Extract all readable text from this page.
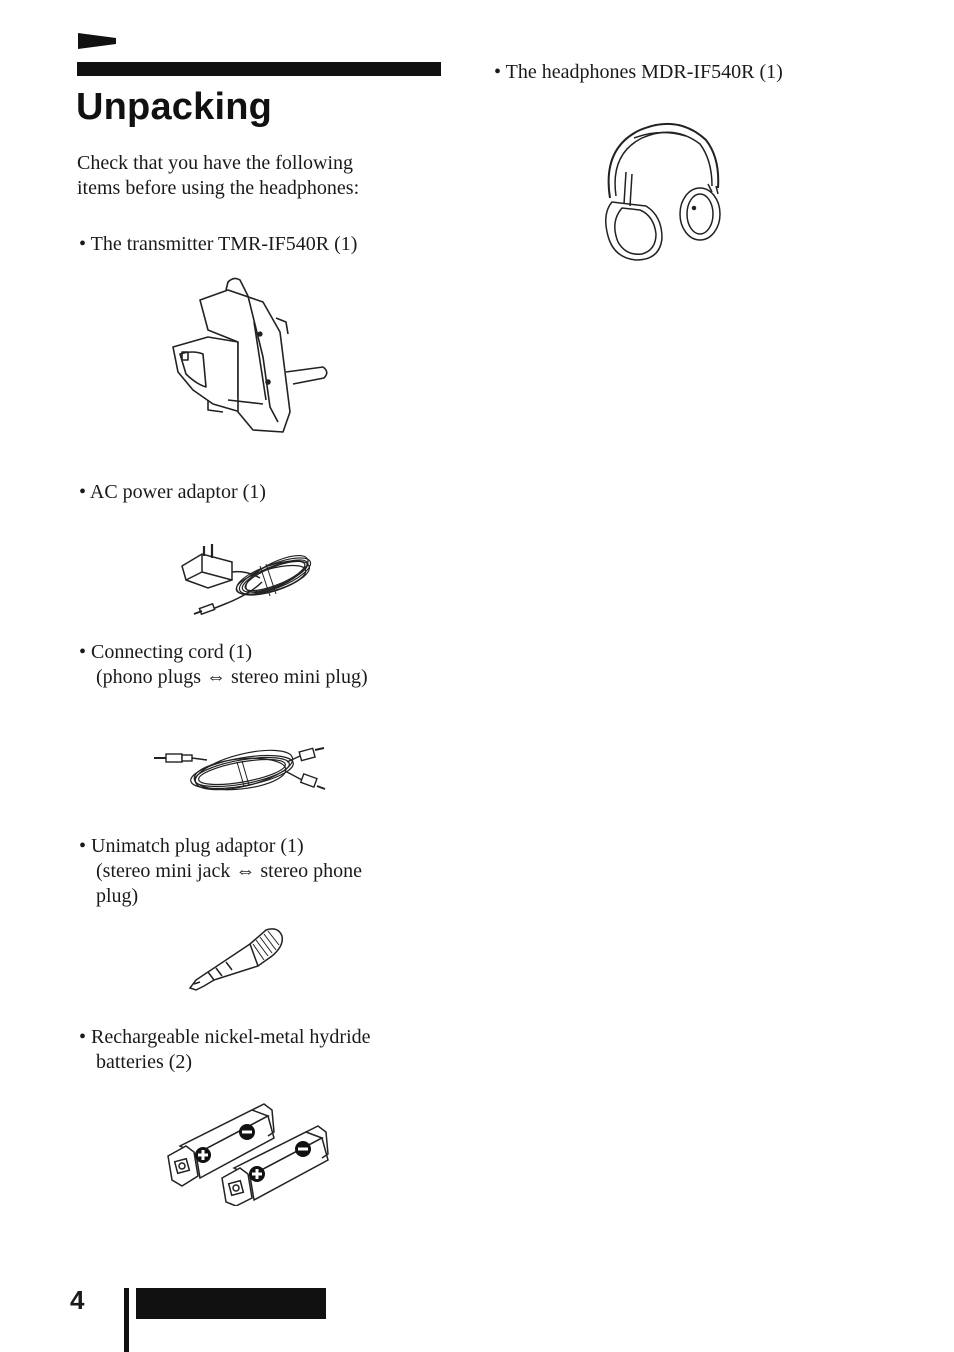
Unpacking
Check that you have the following
items before using the headphones:
• The transmitter TMR-IF540R (1)
• AC power adaptor (1)
• Connecting cord (1)
(phono plugs ⇔ stereo mini plug)
• Unimatch plug adaptor (1)
(stereo mini jack ⇔ stereo phone
plug)
• Rechargeable nickel-metal hydride
batteries (2)
• The headphones MDR-IF540R (1)
4
